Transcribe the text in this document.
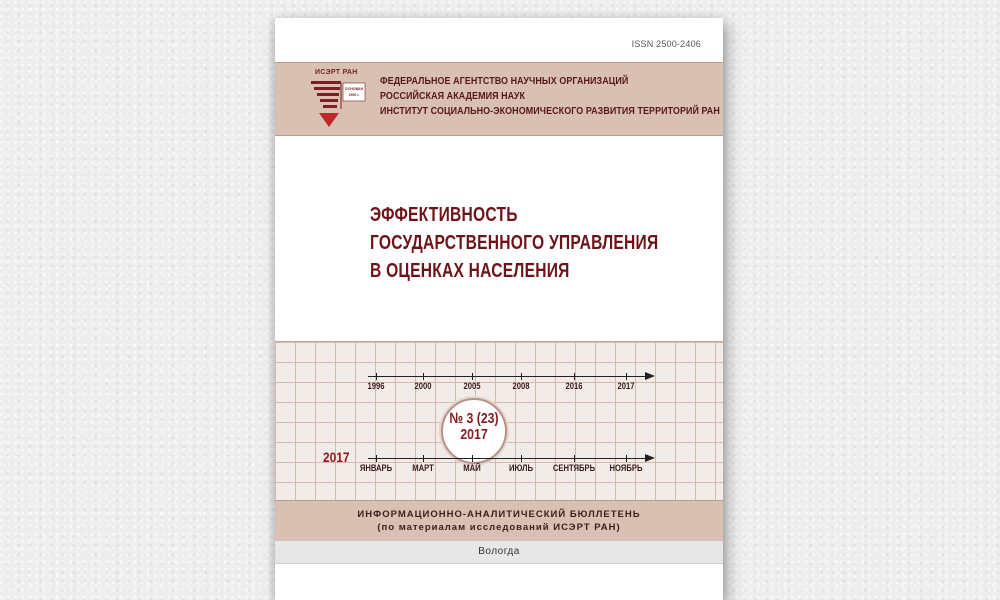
ISSN 2500-2406
ИСЭРТ РАН
ОСНОВАН
1990 г.
ФЕДЕРАЛЬНОЕ АГЕНТСТВО НАУЧНЫХ ОРГАНИЗАЦИЙ
РОССИЙСКАЯ АКАДЕМИЯ НАУК
ИНСТИТУТ СОЦИАЛЬНО-ЭКОНОМИЧЕСКОГО РАЗВИТИЯ ТЕРРИТОРИЙ РАН
ЭФФЕКТИВНОСТЬ
ГОСУДАРСТВЕННОГО УПРАВЛЕНИЯ
В ОЦЕНКАХ НАСЕЛЕНИЯ
1996	2000	2005	2008	2016	2017
№ 3 (23)
2017
2017
ЯНВАРЬ МАРТ	МАЙ	ИЮЛЬ СЕНТЯБРЬ НОЯБРЬ
ИНФОРМАЦИОННО-АНАЛИТИЧЕСКИЙ БЮЛЛЕТЕНЬ
(по материалам исследований ИСЭРТ РАН)
Вологда
